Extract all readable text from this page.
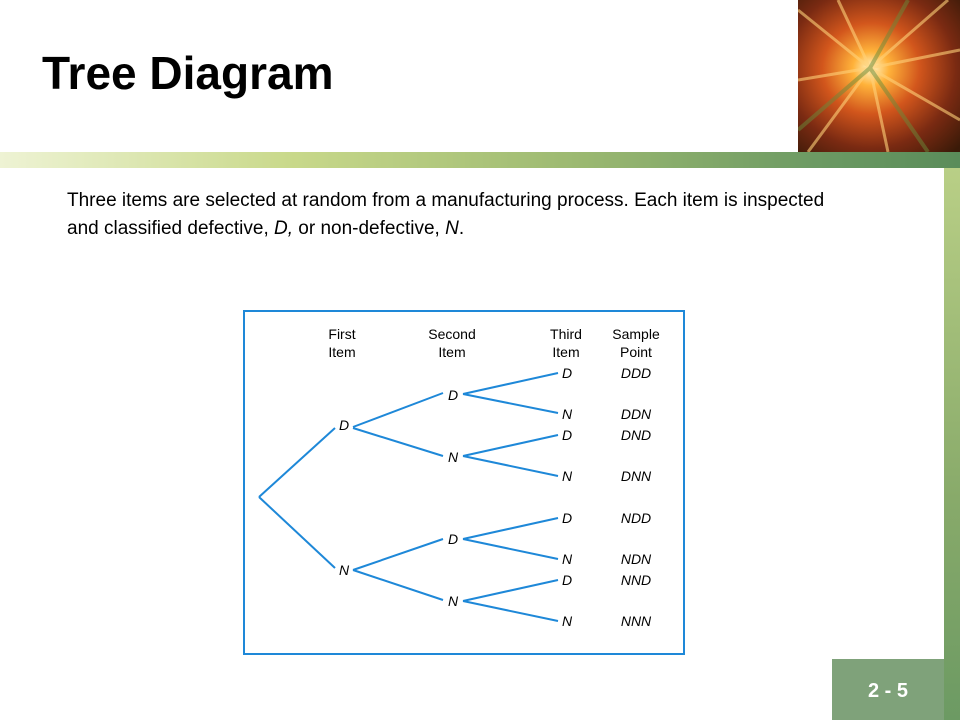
Tree Diagram
Three items are selected at random from a manufacturing process. Each item is inspected and classified defective, D, or non-defective, N.
First
Item
Second
Item
Third
Item
Sample
Point
D
N
D
N
D
N
D
N
D
N
D
N
D
N
DDD
DDN
DND
DNN
NDD
NDN
NND
NNN
2 - 5
